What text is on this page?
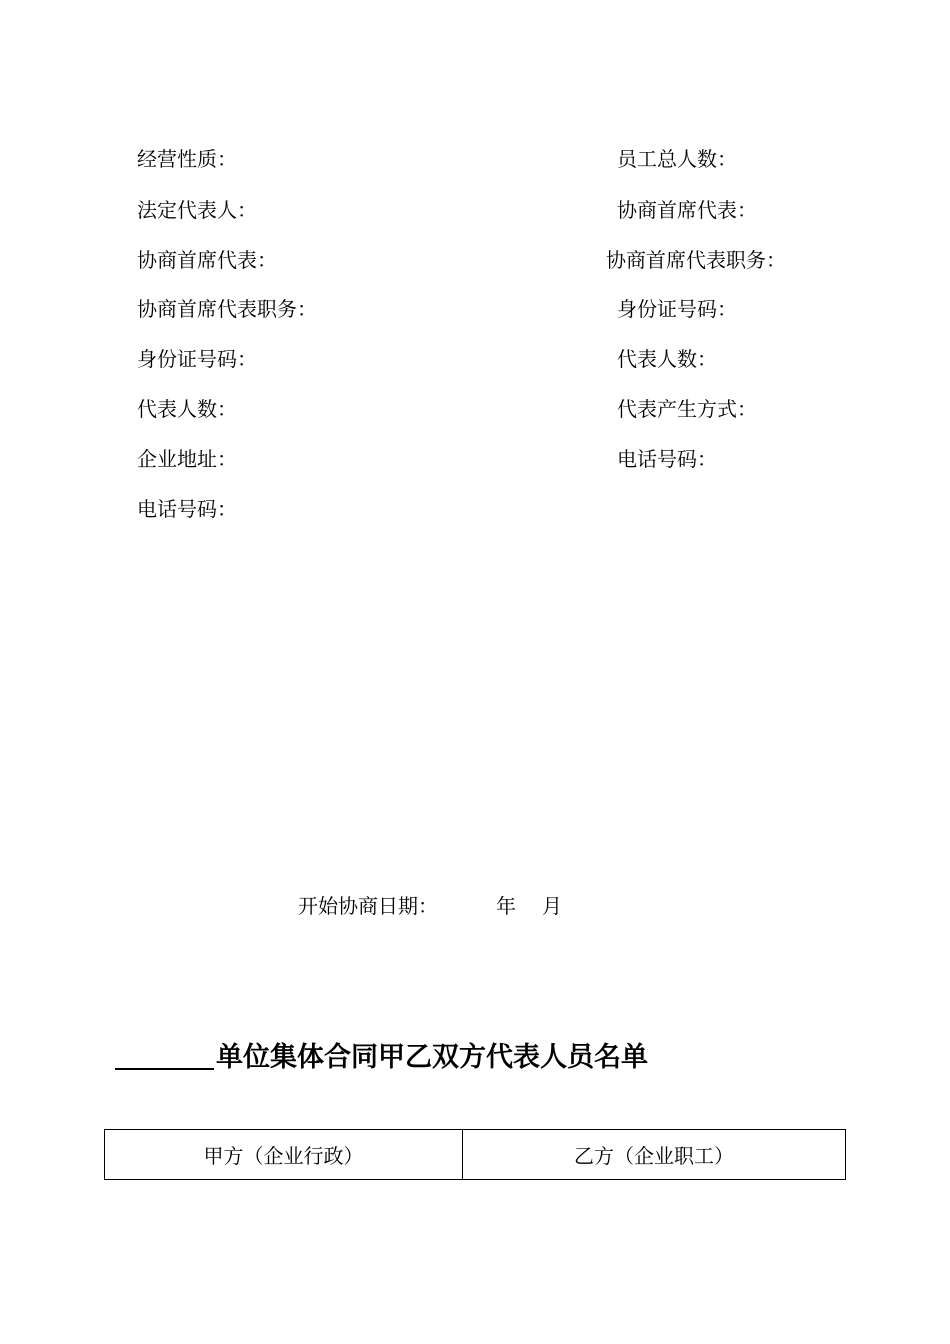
经营性质：
法定代表人：
协商首席代表：
协商首席代表职务：
身份证号码：
代表人数：
企业地址：
电话号码：
员工总人数：
协商首席代表：
协商首席代表职务：
身份证号码：
代表人数：
代表产生方式：
电话号码：
开始协商日期：	年 月
单位集体合同甲乙双方代表人员名单
甲方（企业行政）	乙方（企业职工）
